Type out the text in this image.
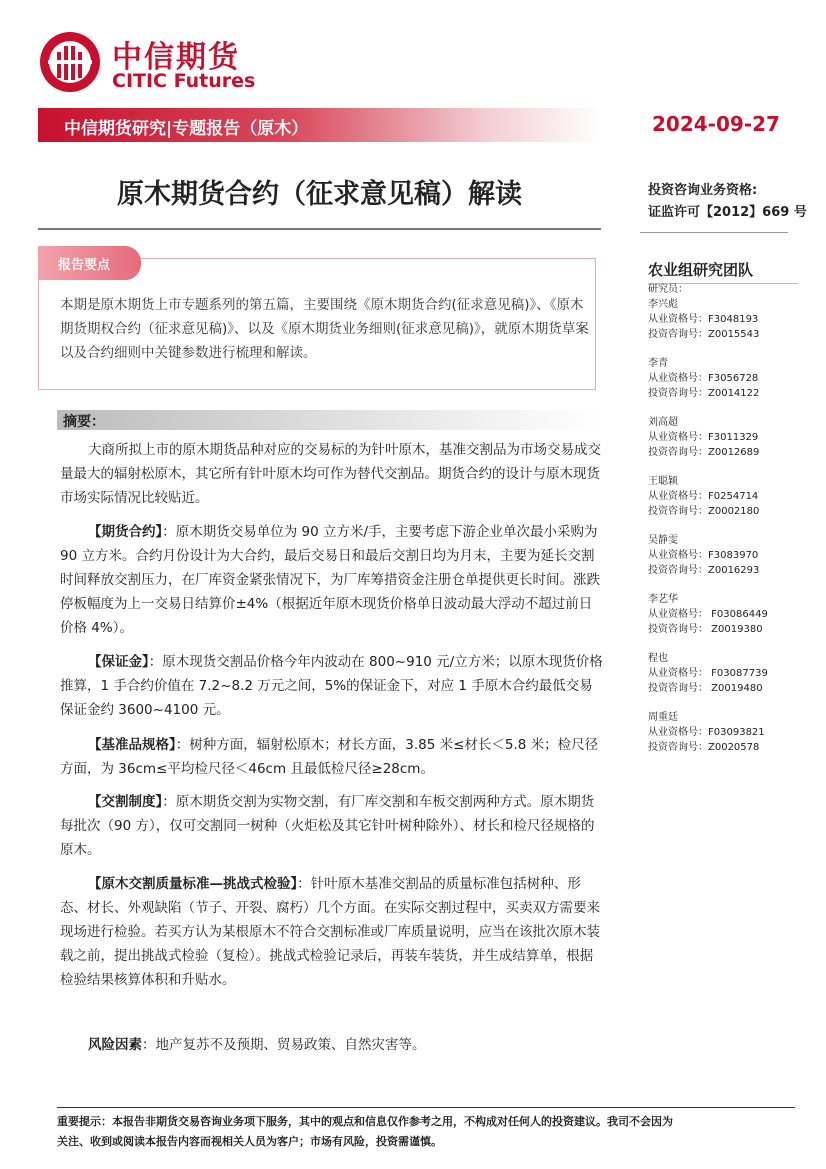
中信期货
CITIC Futures
中信期货研究|专题报告（原木）	2024-09-27
原木期货合约（征求意见稿）解读	投资咨询业务资格:
证监许可【2012】669 号
报告要点
本期是原木期货上市专题系列的第五篇，主要围绕《原木期货合约(征求意见稿)》、《原木期货期权合约（征求意见稿)》、以及《原木期货业务细则(征求意见稿)》，就原木期货草案以及合约细则中关键参数进行梳理和解读。
摘要：
大商所拟上市的原木期货品种对应的交易标的为针叶原木，基准交割品为市场交易成交量最大的辐射松原木，其它所有针叶原木均可作为替代交割品。期货合约的设计与原木现货市场实际情况比较贴近。
【期货合约】：原木期货交易单位为 90 立方米/手，主要考虑下游企业单次最小采购为 90 立方米。合约月份设计为大合约，最后交易日和最后交割日均为月末，主要为延长交割时间释放交割压力，在厂库资金紧张情况下，为厂库筹措资金注册仓单提供更长时间。涨跌停板幅度为上一交易日结算价±4%（根据近年原木现货价格单日波动最大浮动不超过前日价格 4%）。
【保证金】：原木现货交割品价格今年内波动在 800~910 元/立方米；以原木现货价格推算，1 手合约价值在 7.2~8.2 万元之间，5%的保证金下，对应 1 手原木合约最低交易保证金约 3600~4100 元。
【基准品规格】：树种方面，辐射松原木；材长方面，3.85 米≤材长＜5.8 米；检尺径方面，为 36cm≤平均检尺径＜46cm 且最低检尺径≥28cm。
【交割制度】：原木期货交割为实物交割，有厂库交割和车板交割两种方式。原木期货每批次（90 方），仅可交割同一树种（火炬松及其它针叶树种除外）、材长和检尺径规格的原木。
【原木交割质量标准—挑战式检验】：针叶原木基准交割品的质量标准包括树种、形态、材长、外观缺陷（节子、开裂、腐朽）几个方面。在实际交割过程中，买卖双方需要来现场进行检验。若买方认为某根原木不符合交割标准或厂库质量说明，应当在该批次原木装载之前，提出挑战式检验（复检）。挑战式检验记录后，再装车装货，并生成结算单，根据检验结果核算体积和升贴水。
风险因素：地产复苏不及预期、贸易政策、自然灾害等。
农业组研究团队
研究员：
李兴彪
从业资格号：F3048193
投资咨询号：Z0015543
李青
从业资格号：F3056728
投资咨询号：Z0014122
刘高超
从业资格号：F3011329
投资咨询号：Z0012689
王聪颖
从业资格号：F0254714
投资咨询号：Z0002180
吴静雯
从业资格号：F3083970
投资咨询号：Z0016293
李艺华
从业资格号： F03086449
投资咨询号： Z0019380
程也
从业资格号： F03087739
投资咨询号： Z0019480
周重廷
从业资格号：F03093821
投资咨询号：Z0020578
重要提示：本报告非期货交易咨询业务项下服务，其中的观点和信息仅作参考之用，不构成对任何人的投资建议。我司不会因为
关注、收到或阅读本报告内容而视相关人员为客户；市场有风险，投资需谨慎。
